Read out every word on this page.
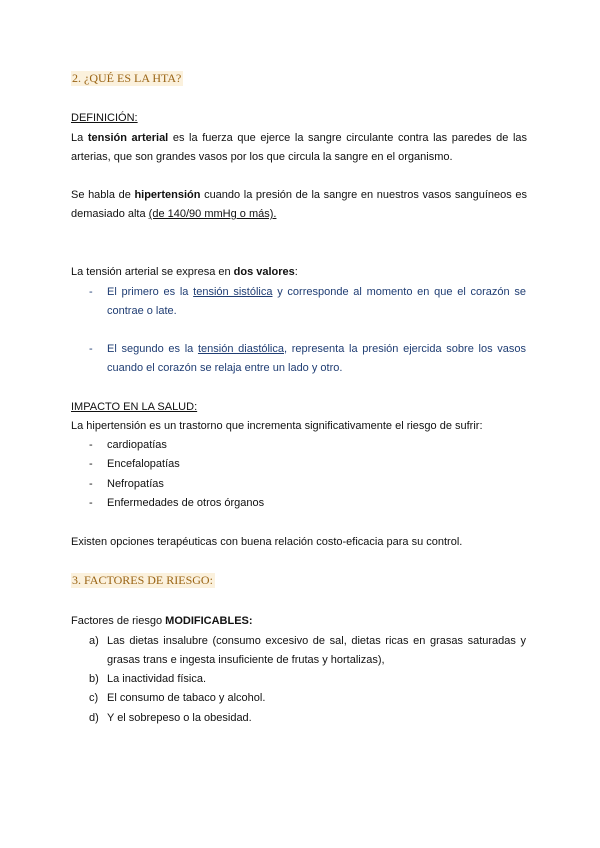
2. ¿QUÉ ES LA HTA?
DEFINICIÓN:
La tensión arterial es la fuerza que ejerce la sangre circulante contra las paredes de las
arterias, que son grandes vasos por los que circula la sangre en el organismo.
Se habla de hipertensión cuando la presión de la sangre en nuestros vasos sanguíneos es
demasiado alta (de 140/90 mmHg o más).
La tensión arterial se expresa en dos valores:
- El primero es la tensión sistólica y corresponde al momento en que el corazón se
contrae o late.
- El segundo es la tensión diastólica, representa la presión ejercida sobre los vasos
cuando el corazón se relaja entre un lado y otro.
IMPACTO EN LA SALUD:
La hipertensión es un trastorno que incrementa significativamente el riesgo de sufrir:
- cardiopatías
- Encefalopatías
- Nefropatías
- Enfermedades de otros órganos
Existen opciones terapéuticas con buena relación costo-eficacia para su control.
3. FACTORES DE RIESGO:
Factores de riesgo MODIFICABLES:
a) Las dietas insalubre (consumo excesivo de sal, dietas ricas en grasas saturadas y
grasas trans e ingesta insuficiente de frutas y hortalizas),
b) La inactividad física.
c) El consumo de tabaco y alcohol.
d) Y el sobrepeso o la obesidad.
